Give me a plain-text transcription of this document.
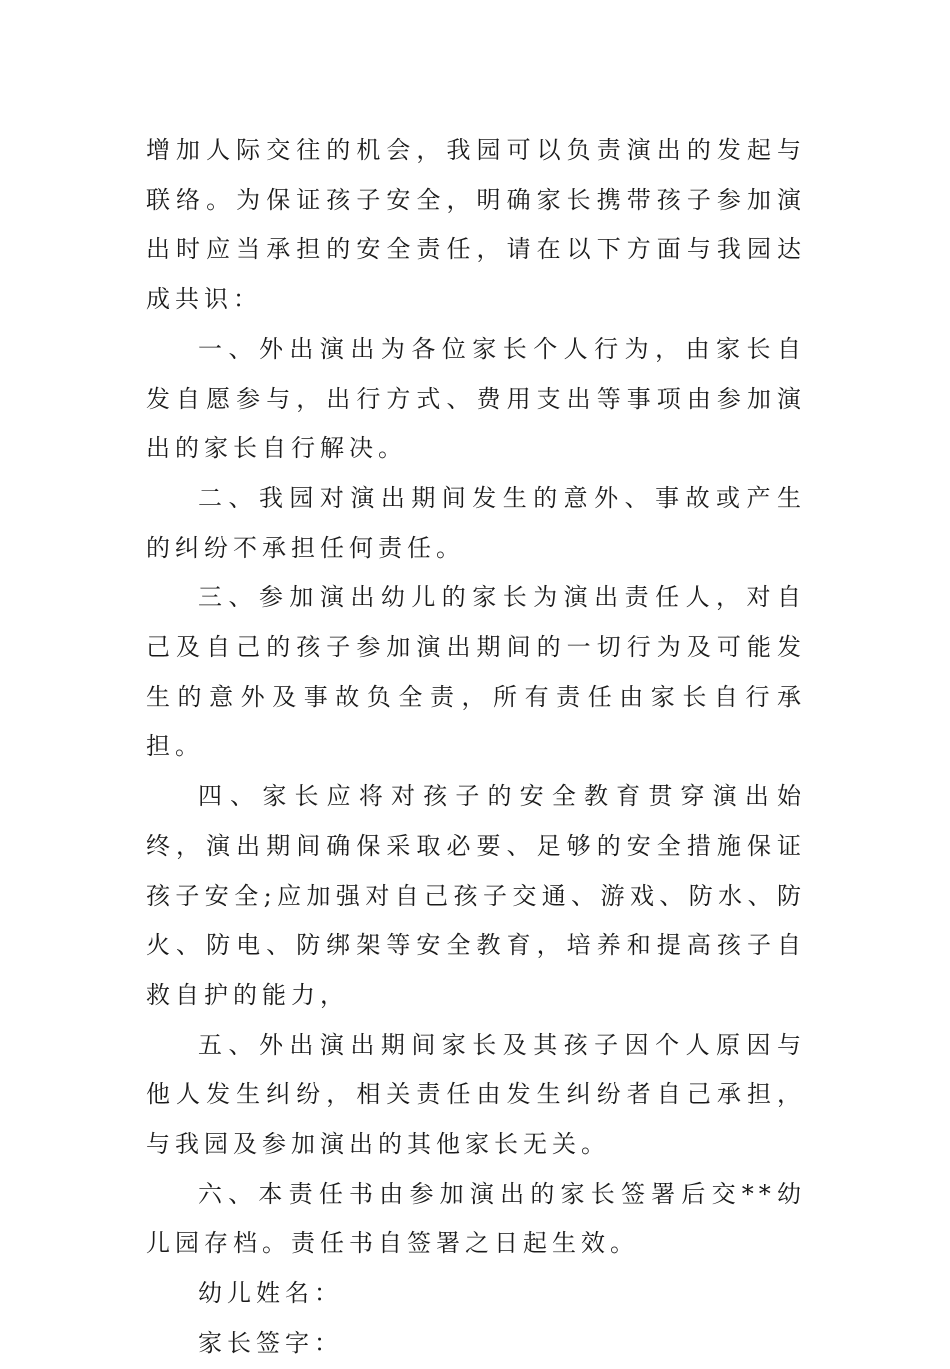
增加人际交往的机会，我园可以负责演出的发起与联络。为保证孩子安全，明确家长携带孩子参加演出时应当承担的安全责任，请在以下方面与我园达成共识：

一、外出演出为各位家长个人行为，由家长自发自愿参与，出行方式、费用支出等事项由参加演出的家长自行解决。

二、我园对演出期间发生的意外、事故或产生的纠纷不承担任何责任。

三、参加演出幼儿的家长为演出责任人，对自己及自己的孩子参加演出期间的一切行为及可能发生的意外及事故负全责，所有责任由家长自行承担。

四、家长应将对孩子的安全教育贯穿演出始终，演出期间确保采取必要、足够的安全措施保证孩子安全;应加强对自己孩子交通、游戏、防水、防火、防电、防绑架等安全教育，培养和提高孩子自救自护的能力，

五、外出演出期间家长及其孩子因个人原因与他人发生纠纷，相关责任由发生纠纷者自己承担，与我园及参加演出的其他家长无关。

六、本责任书由参加演出的家长签署后交**幼儿园存档。责任书自签署之日起生效。

幼儿姓名：

家长签字：
